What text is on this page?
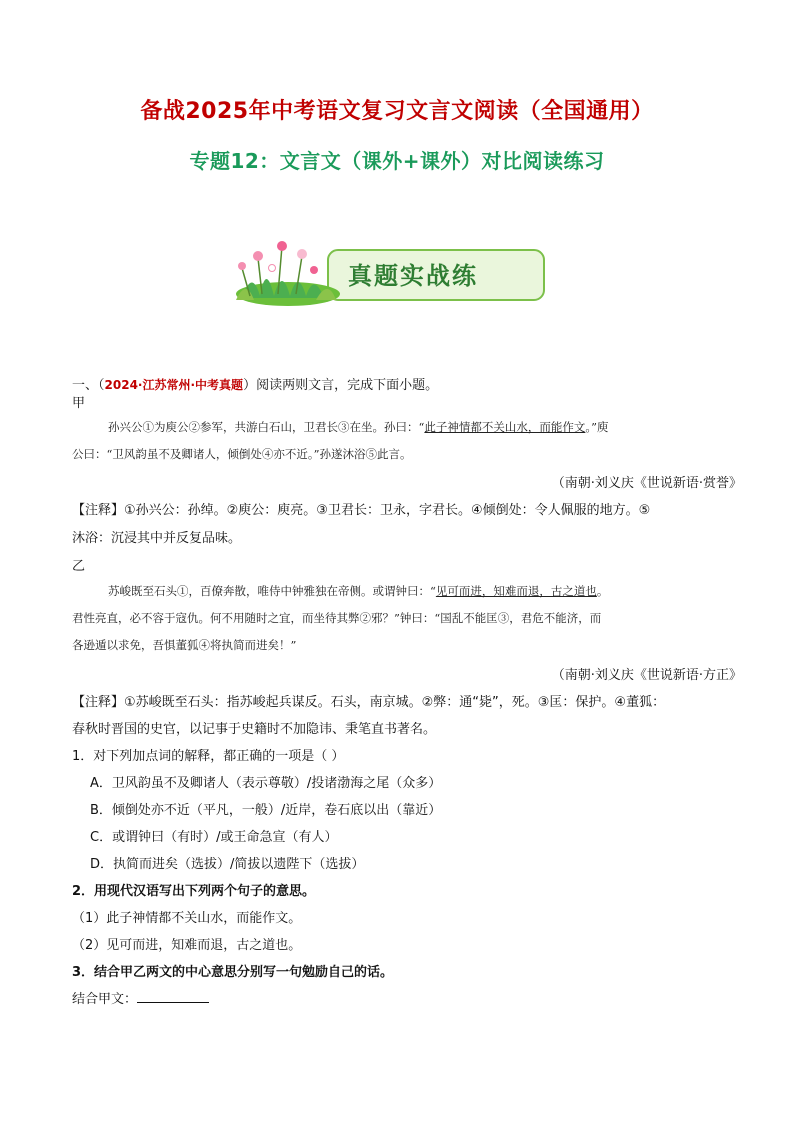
备战2025年中考语文复习文言文阅读（全国通用）
专题12：文言文（课外+课外）对比阅读练习
真题实战练
一、（2024·江苏常州·中考真题）阅读两则文言，完成下面小题。
甲
孙兴公①为庾公②参军，共游白石山，卫君长③在坐。孙曰：“此子神情都不关山水，而能作文。”庾
公曰：“卫风韵虽不及卿诸人，倾倒处④亦不近。”孙遂沐浴⑤此言。
（南朝·刘义庆《世说新语·赏誉》
【注释】①孙兴公：孙绰。②庾公：庾亮。③卫君长：卫永，字君长。④倾倒处：令人佩服的地方。⑤
沐浴：沉浸其中并反复品味。
乙
苏峻既至石头①，百僚奔散，唯侍中钟雅独在帝侧。或谓钟曰：“见可而进，知难而退，古之道也。
君性亮直，必不容于寇仇。何不用随时之宜，而坐待其弊②邪？”钟曰：“国乱不能匡③，君危不能济，而
各逊遁以求免，吾惧董狐④将执简而进矣！”
（南朝·刘义庆《世说新语·方正》
【注释】①苏峻既至石头：指苏峻起兵谋反。石头，南京城。②弊：通“毙”，死。③匡：保护。④董狐：
春秋时晋国的史官，以记事于史籍时不加隐讳、秉笔直书著名。
1．对下列加点词的解释，都正确的一项是（ ）
A．卫风韵虽不及卿诸人（表示尊敬）/投诸渤海之尾（众多）
B．倾倒处亦不近（平凡，一般）/近岸，卷石底以出（靠近）
C．或谓钟曰（有时）/或王命急宣（有人）
D．执简而进矣（选拔）/简拔以遗陛下（选拔）
2．用现代汉语写出下列两个句子的意思。
（1）此子神情都不关山水，而能作文。
（2）见可而进，知难而退，古之道也。
3．结合甲乙两文的中心意思分别写一句勉励自己的话。
结合甲文：
